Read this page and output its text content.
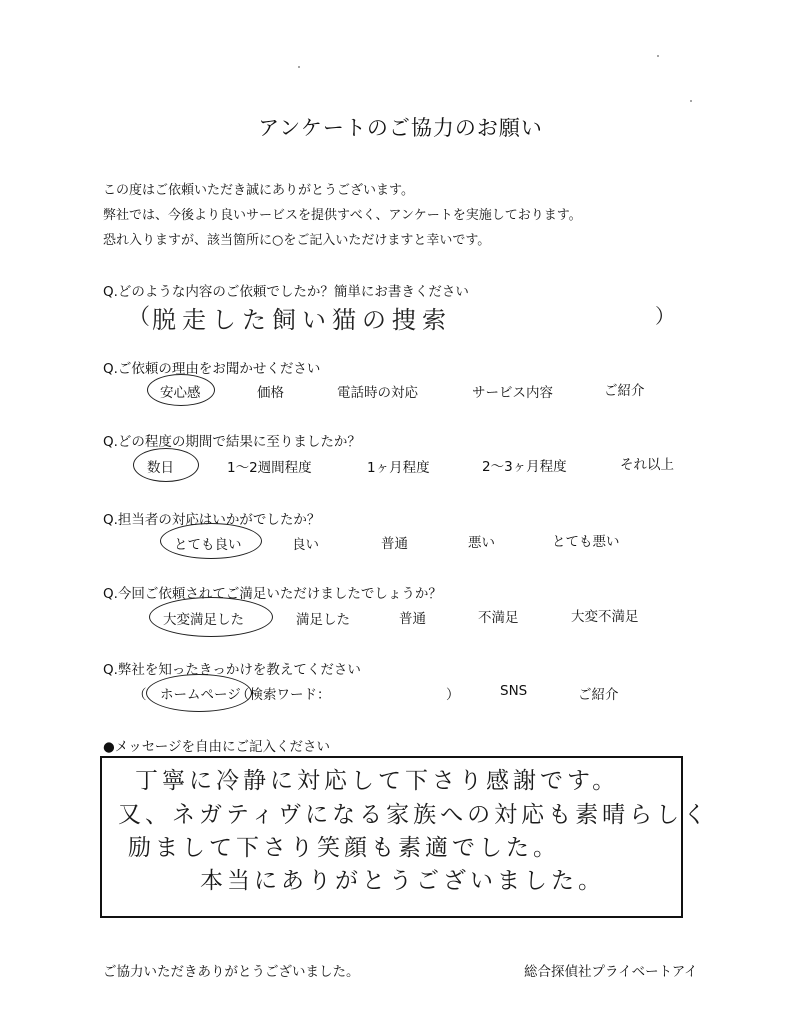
アンケートのご協力のお願い
この度はご依頼いただき誠にありがとうございます。
弊社では、今後より良いサービスを提供すべく、アンケートを実施しております。
恐れ入りますが、該当箇所に○をご記入いただけますと幸いです。
Q.どのような内容のご依頼でしたか？簡単にお書きください
（ 脱走した飼い猫の捜索	）
Q.ご依頼の理由をお聞かせください
安心感	価格	電話時の対応	サービス内容	ご紹介
Q.どの程度の期間で結果に至りましたか？
数日	1～2週間程度	1ヶ月程度	2～3ヶ月程度	それ以上
Q.担当者の対応はいかがでしたか？
とても良い	良い	普通	悪い	とても悪い
Q.今回ご依頼されてご満足いただけましたでしょうか？
大変満足した	満足した	普通	不満足	大変不満足
Q.弊社を知ったきっかけを教えてください
（ ホームページ
（検索ワード：	）	SNS	ご紹介
●メッセージを自由にご記入ください
丁寧に冷静に対応して下さり感謝です。
又、ネガティヴになる家族への対応も素晴らしく
励まして下さり笑顔も素適でした。
本当にありがとうございました。
ご協力いただきありがとうございました。	総合探偵社プライベートアイ
